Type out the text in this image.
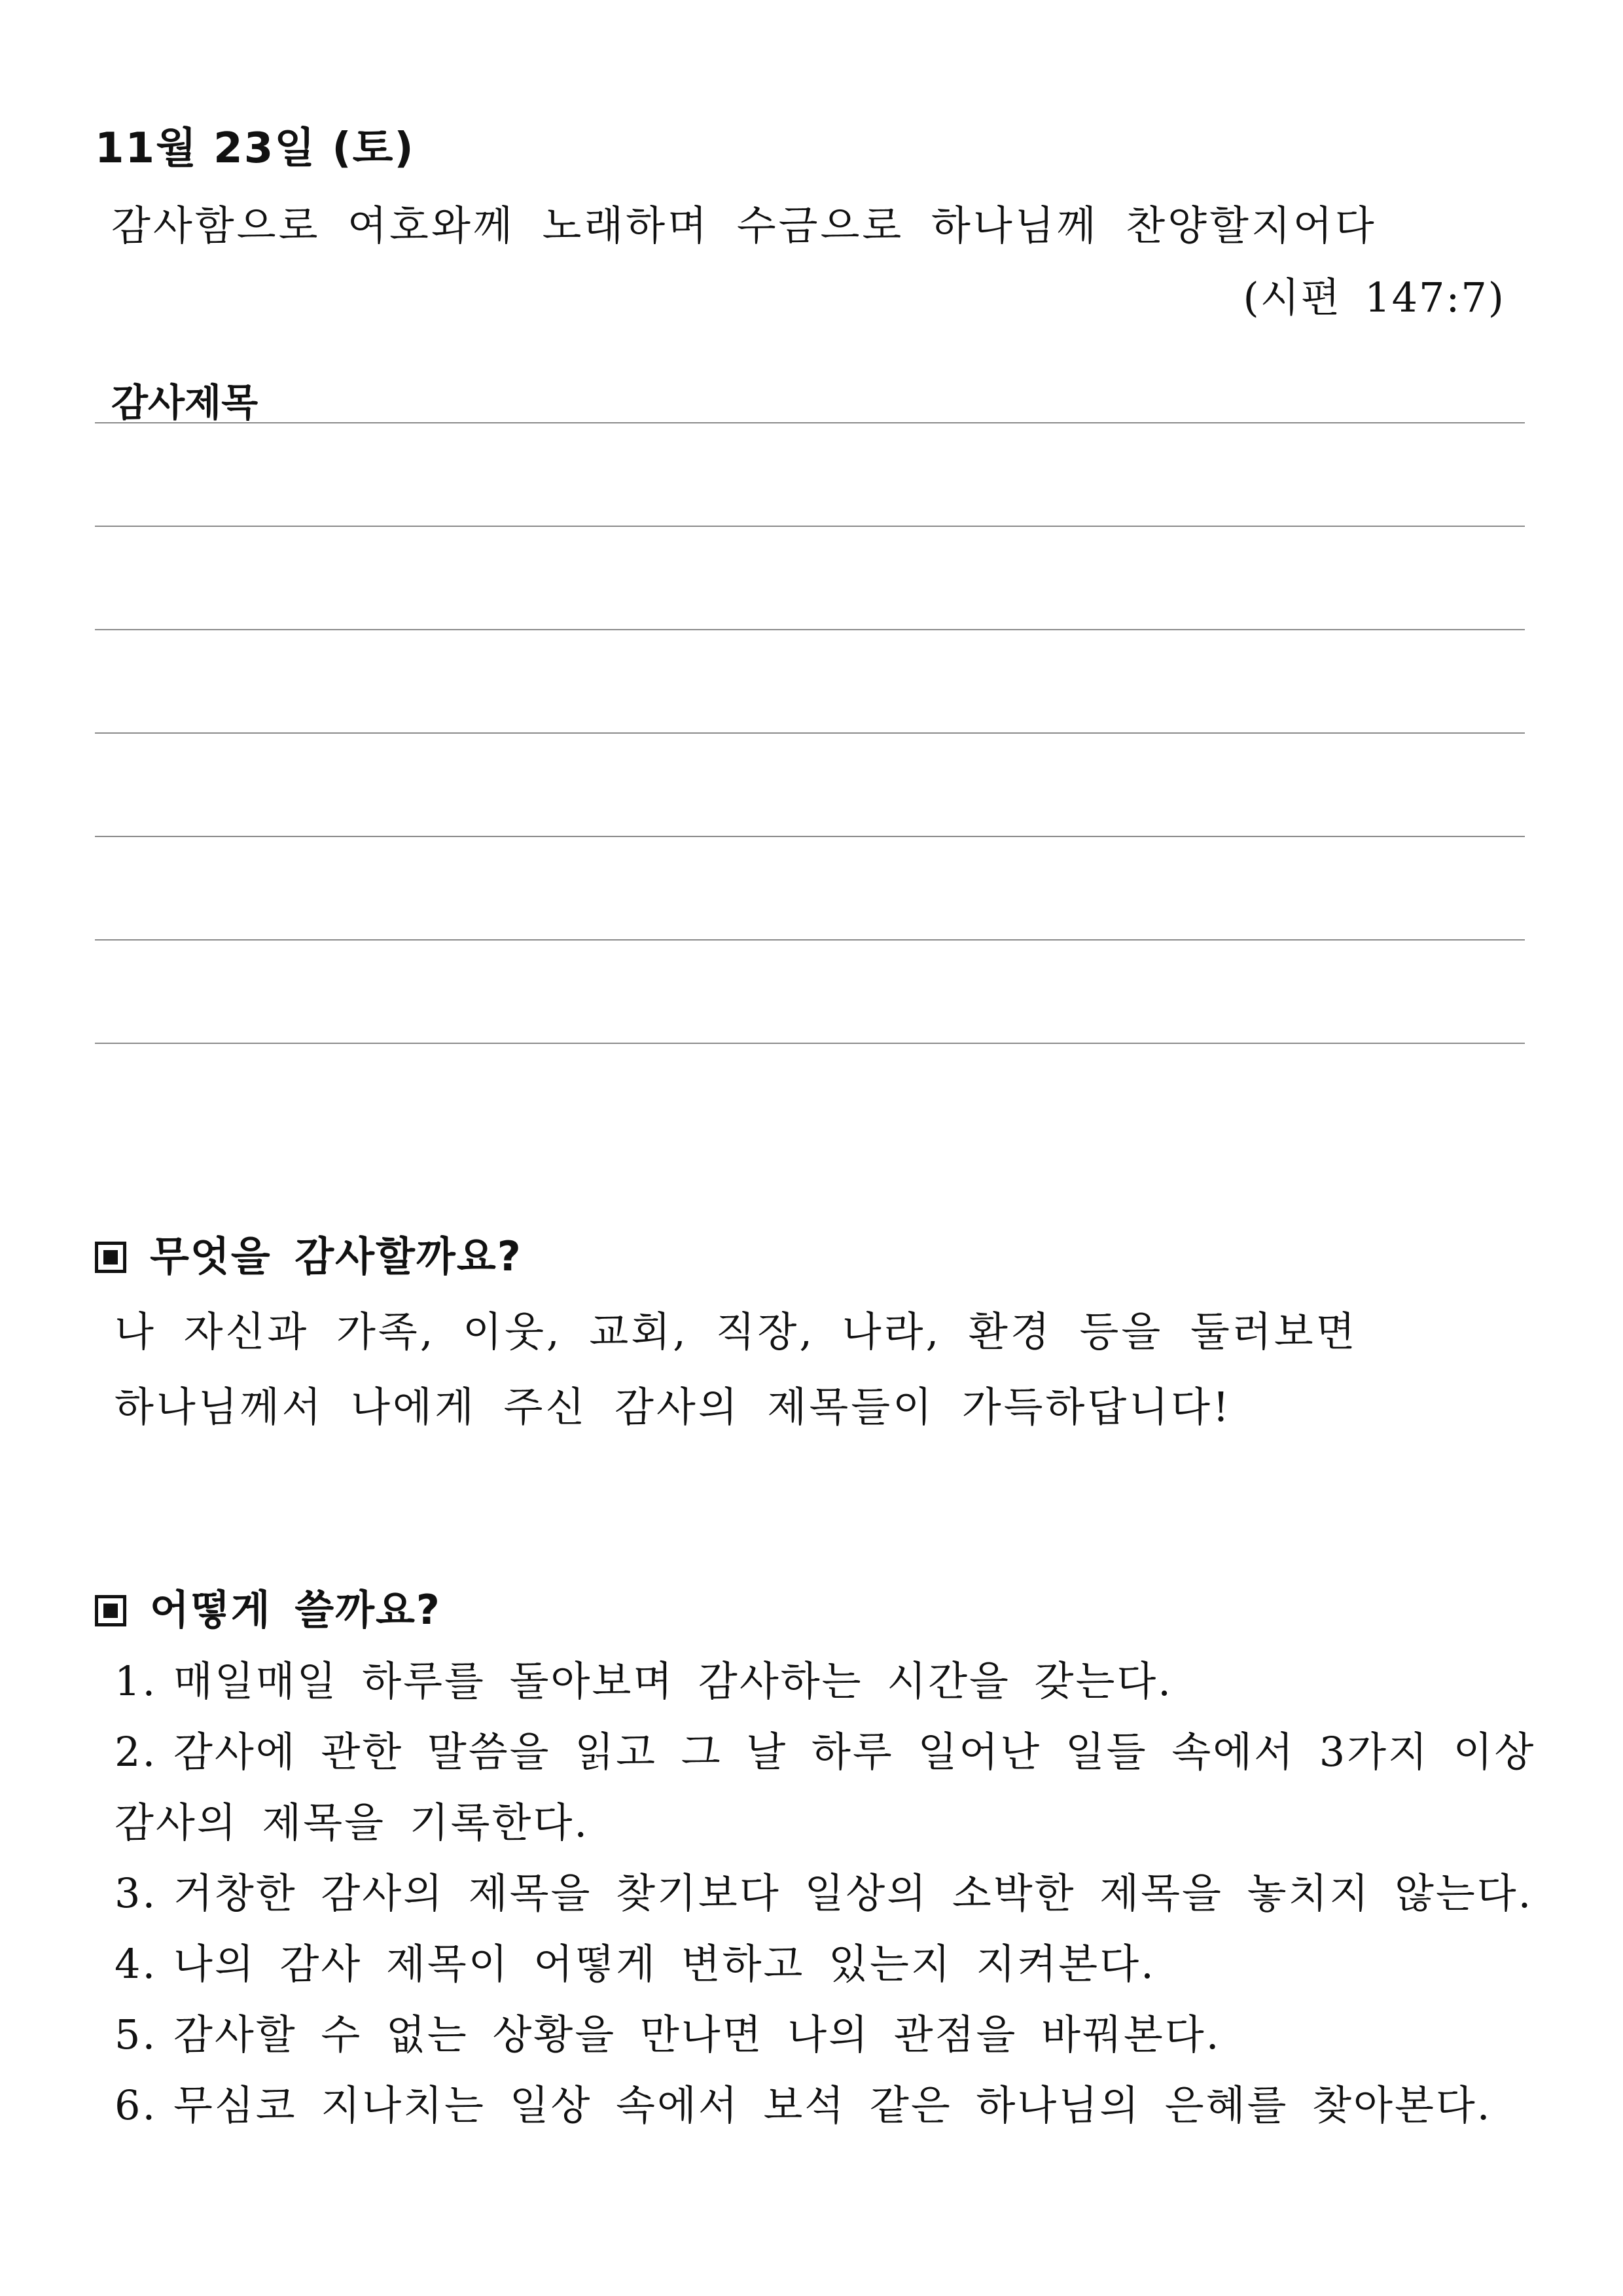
11월 23일 (토)
감사함으로 여호와께 노래하며 수금으로 하나님께 찬양할지어다
(시편 147:7)
감사제목
무엇을 감사할까요?
나 자신과 가족, 이웃, 교회, 직장, 나라, 환경 등을 둘러보면
하나님께서 나에게 주신 감사의 제목들이 가득하답니다!
어떻게 쓸까요?
1. 매일매일 하루를 돌아보며 감사하는 시간을 갖는다.
2. 감사에 관한 말씀을 읽고 그 날 하루 일어난 일들 속에서 3가지 이상
감사의 제목을 기록한다.
3. 거창한 감사의 제목을 찾기보다 일상의 소박한 제목을 놓치지 않는다.
4. 나의 감사 제목이 어떻게 변하고 있는지 지켜본다.
5. 감사할 수 없는 상황을 만나면 나의 관점을 바꿔본다.
6. 무심코 지나치는 일상 속에서 보석 같은 하나님의 은혜를 찾아본다.
